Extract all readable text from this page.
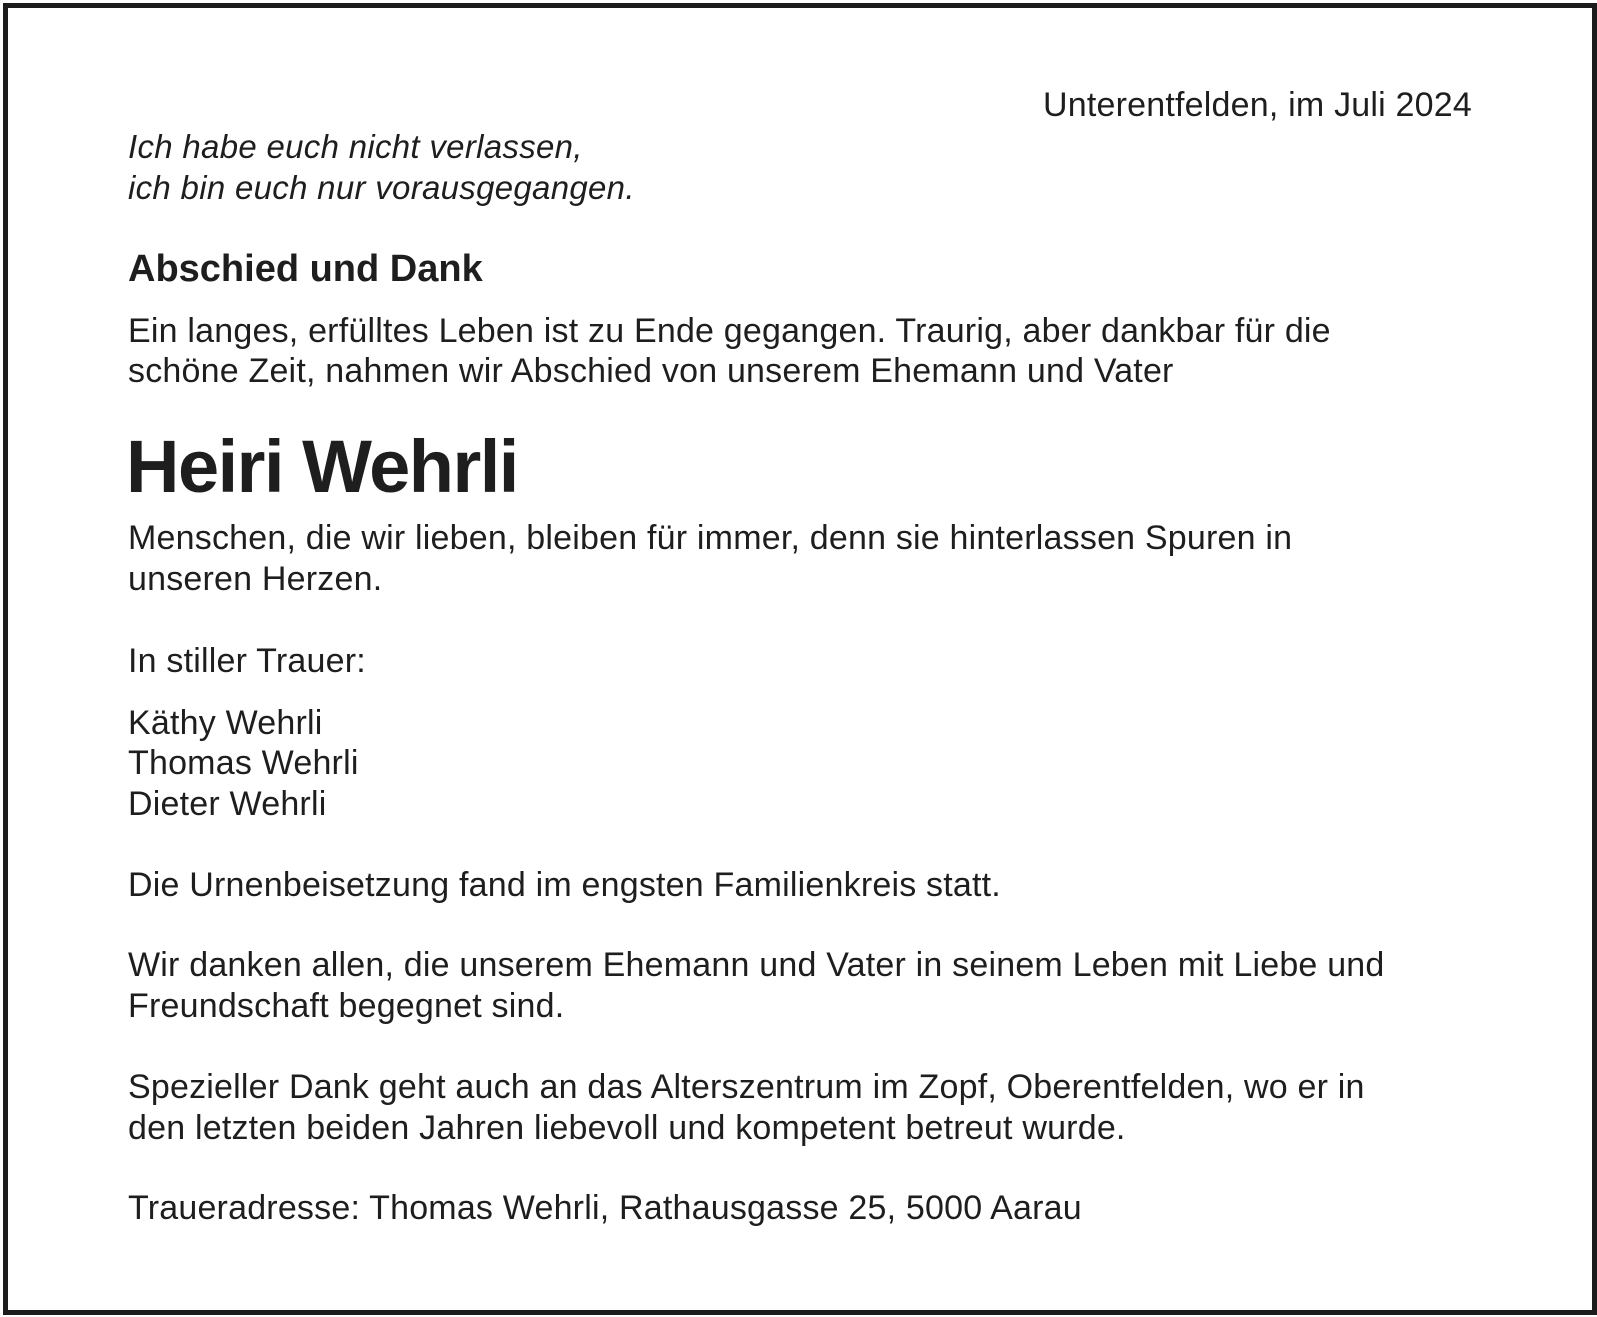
Unterentfelden, im Juli 2024

Ich habe euch nicht verlassen,

ich bin euch nur vorausgegangen.

Abschied und Dank

Ein langes, erfülltes Leben ist zu Ende gegangen. Traurig, aber dankbar für die

schöne Zeit, nahmen wir Abschied von unserem Ehemann und Vater

Heiri Wehrli

Menschen, die wir lieben, bleiben für immer, denn sie hinterlassen Spuren in

unseren Herzen.

In stiller Trauer:

Käthy Wehrli

Thomas Wehrli

Dieter Wehrli

Die Urnenbeisetzung fand im engsten Familienkreis statt.

Wir danken allen, die unserem Ehemann und Vater in seinem Leben mit Liebe und

Freundschaft begegnet sind.

Spezieller Dank geht auch an das Alterszentrum im Zopf, Oberentfelden, wo er in

den letzten beiden Jahren liebevoll und kompetent betreut wurde.

Traueradresse: Thomas Wehrli, Rathausgasse 25, 5000 Aarau
